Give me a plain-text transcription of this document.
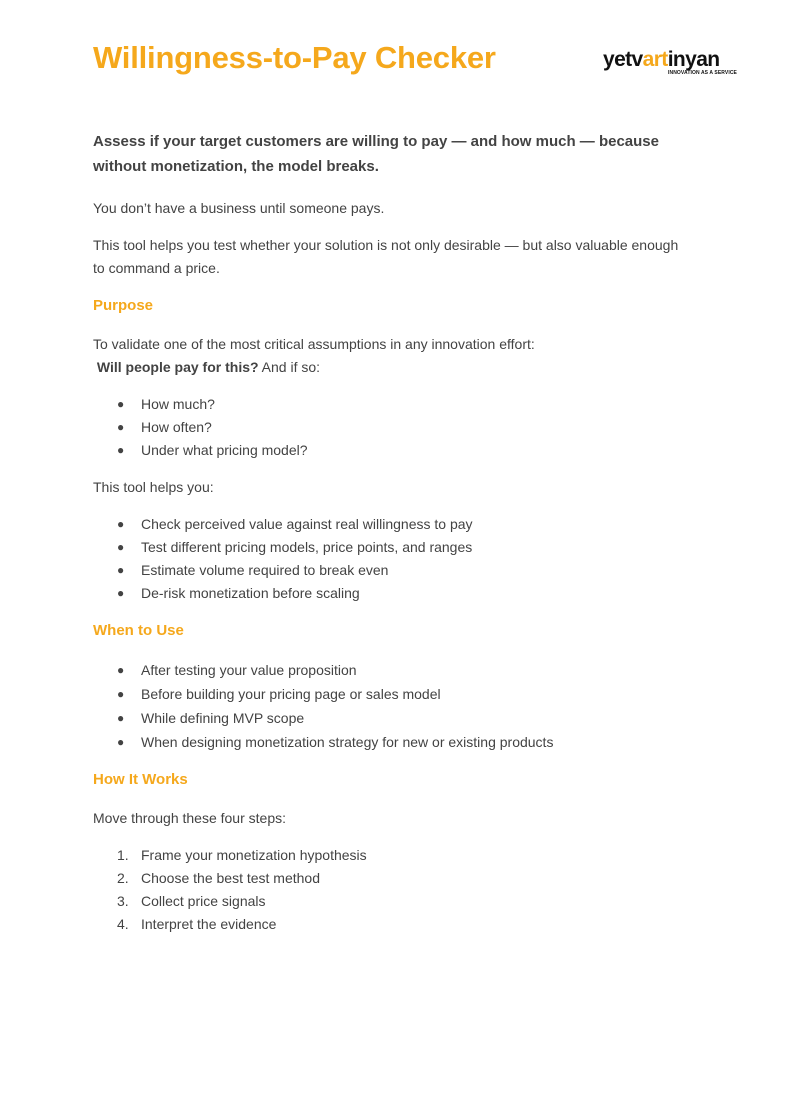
Willingness-to-Pay Checker	yetvartinyan
INNOVATION AS A SERVICE

Assess if your target customers are willing to pay — and how much — because without monetization, the model breaks.

You don’t have a business until someone pays.

This tool helps you test whether your solution is not only desirable — but also valuable enough to command a price.

Purpose

To validate one of the most critical assumptions in any innovation effort:
Will people pay for this? And if so:

● How much?
● How often?
● Under what pricing model?

This tool helps you:

● Check perceived value against real willingness to pay
● Test different pricing models, price points, and ranges
● Estimate volume required to break even
● De-risk monetization before scaling
When to Use
● After testing your value proposition
● Before building your pricing page or sales model
● While defining MVP scope
● When designing monetization strategy for new or existing products
How It Works

Move through these four steps:

1. Frame your monetization hypothesis
2. Choose the best test method
3. Collect price signals
4. Interpret the evidence
